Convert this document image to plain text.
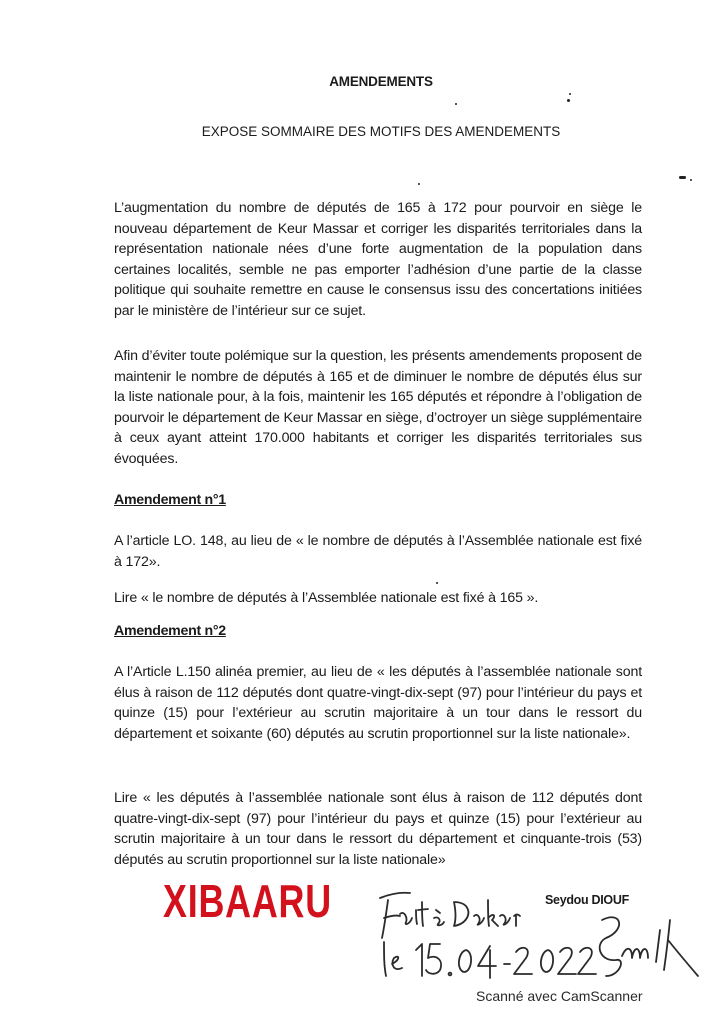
AMENDEMENTS
EXPOSE SOMMAIRE DES MOTIFS DES AMENDEMENTS

L’augmentation du nombre de députés de 165 à 172 pour pourvoir en siège le nouveau département de Keur Massar et corriger les disparités territoriales dans la représentation nationale nées d’une forte augmentation de la population dans certaines localités, semble ne pas emporter l’adhésion d’une partie de la classe politique qui souhaite remettre en cause le consensus issu des concertations initiées par le ministère de l’intérieur sur ce sujet.

Afin d’éviter toute polémique sur la question, les présents amendements proposent de maintenir le nombre de députés à 165 et de diminuer le nombre de députés élus sur la liste nationale pour, à la fois, maintenir les 165 députés et répondre à l’obligation de pourvoir le département de Keur Massar en siège, d’octroyer un siège supplémentaire à ceux ayant atteint 170.000 habitants et corriger les disparités territoriales sus évoquées.

Amendement n°1

A l’article LO. 148, au lieu de « le nombre de députés à l’Assemblée nationale est fixé à 172».

Lire « le nombre de députés à l’Assemblée nationale est fixé à 165 ».

Amendement n°2

A l’Article L.150 alinéa premier, au lieu de « les députés à l’assemblée nationale sont élus à raison de 112 députés dont quatre-vingt-dix-sept (97) pour l’intérieur du pays et quinze (15) pour l’extérieur au scrutin majoritaire à un tour dans le ressort du département et soixante (60) députés au scrutin proportionnel sur la liste nationale».

Lire « les députés à l’assemblée nationale sont élus à raison de 112 députés dont quatre-vingt-dix-sept (97) pour l’intérieur du pays et quinze (15) pour l’extérieur au scrutin majoritaire à un tour dans le ressort du département et cinquante-trois (53) députés au scrutin proportionnel sur la liste nationale»

XIBAARU	Seydou DIOUF
Scanné avec CamScanner
